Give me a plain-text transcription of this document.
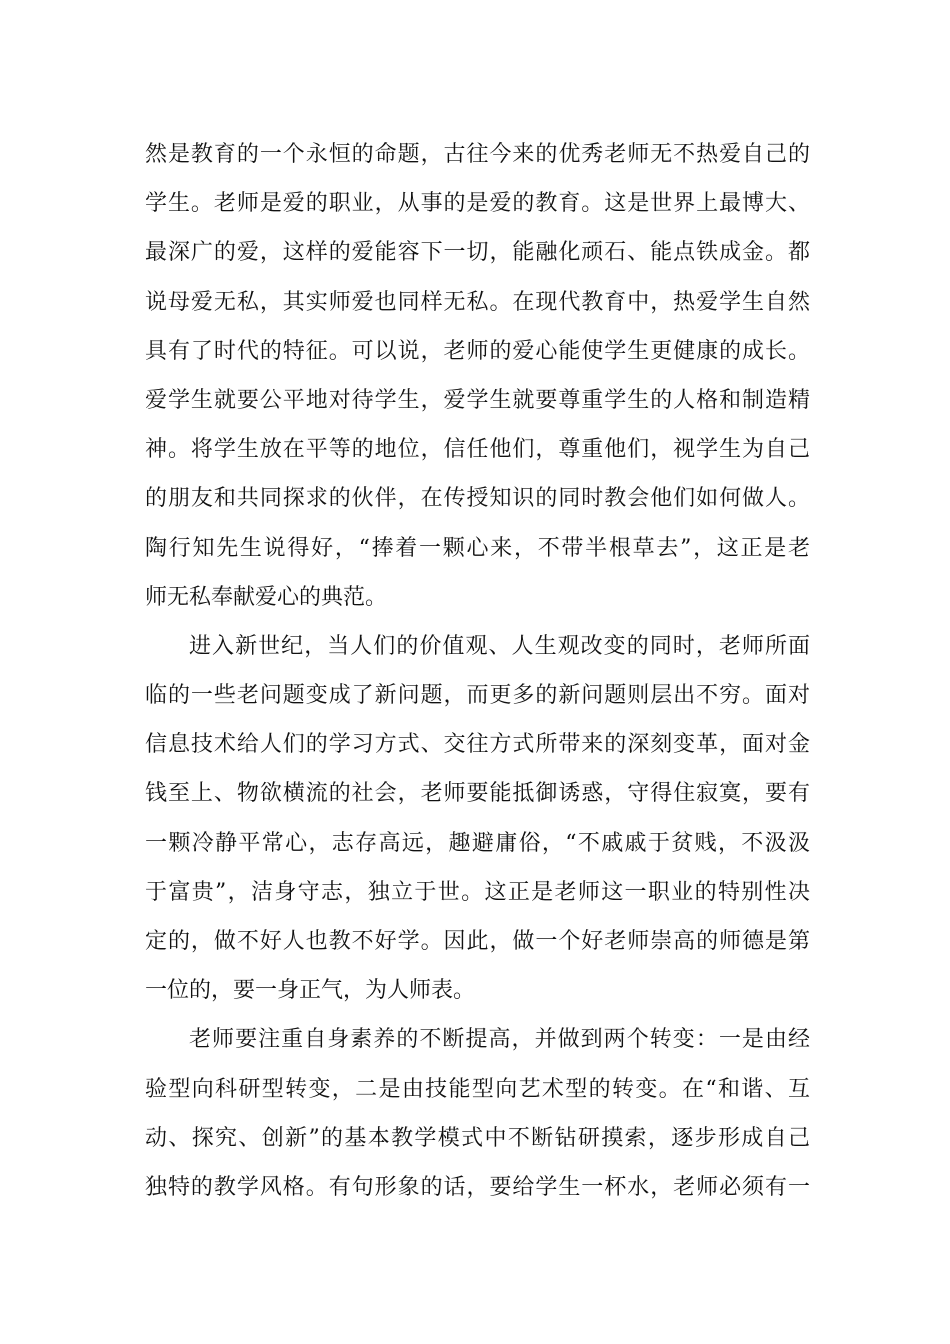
然是教育的一个永恒的命题，古往今来的优秀老师无不热爱自己的
学生。老师是爱的职业，从事的是爱的教育。这是世界上最博大、
最深广的爱，这样的爱能容下一切，能融化顽石、能点铁成金。都
说母爱无私，其实师爱也同样无私。在现代教育中，热爱学生自然
具有了时代的特征。可以说，老师的爱心能使学生更健康的成长。
爱学生就要公平地对待学生，爱学生就要尊重学生的人格和制造精
神。将学生放在平等的地位，信任他们，尊重他们，视学生为自己
的朋友和共同探求的伙伴，在传授知识的同时教会他们如何做人。
陶行知先生说得好，“捧着一颗心来，不带半根草去”，这正是老
师无私奉献爱心的典范。
进入新世纪，当人们的价值观、人生观改变的同时，老师所面
临的一些老问题变成了新问题，而更多的新问题则层出不穷。面对
信息技术给人们的学习方式、交往方式所带来的深刻变革，面对金
钱至上、物欲横流的社会，老师要能抵御诱惑，守得住寂寞，要有
一颗冷静平常心，志存高远，趣避庸俗，“不戚戚于贫贱，不汲汲
于富贵”，洁身守志，独立于世。这正是老师这一职业的特别性决
定的，做不好人也教不好学。因此，做一个好老师崇高的师德是第
一位的，要一身正气，为人师表。
老师要注重自身素养的不断提高，并做到两个转变：一是由经
验型向科研型转变，二是由技能型向艺术型的转变。在“和谐、互
动、探究、创新”的基本教学模式中不断钻研摸索，逐步形成自己
独特的教学风格。有句形象的话，要给学生一杯水，老师必须有一
